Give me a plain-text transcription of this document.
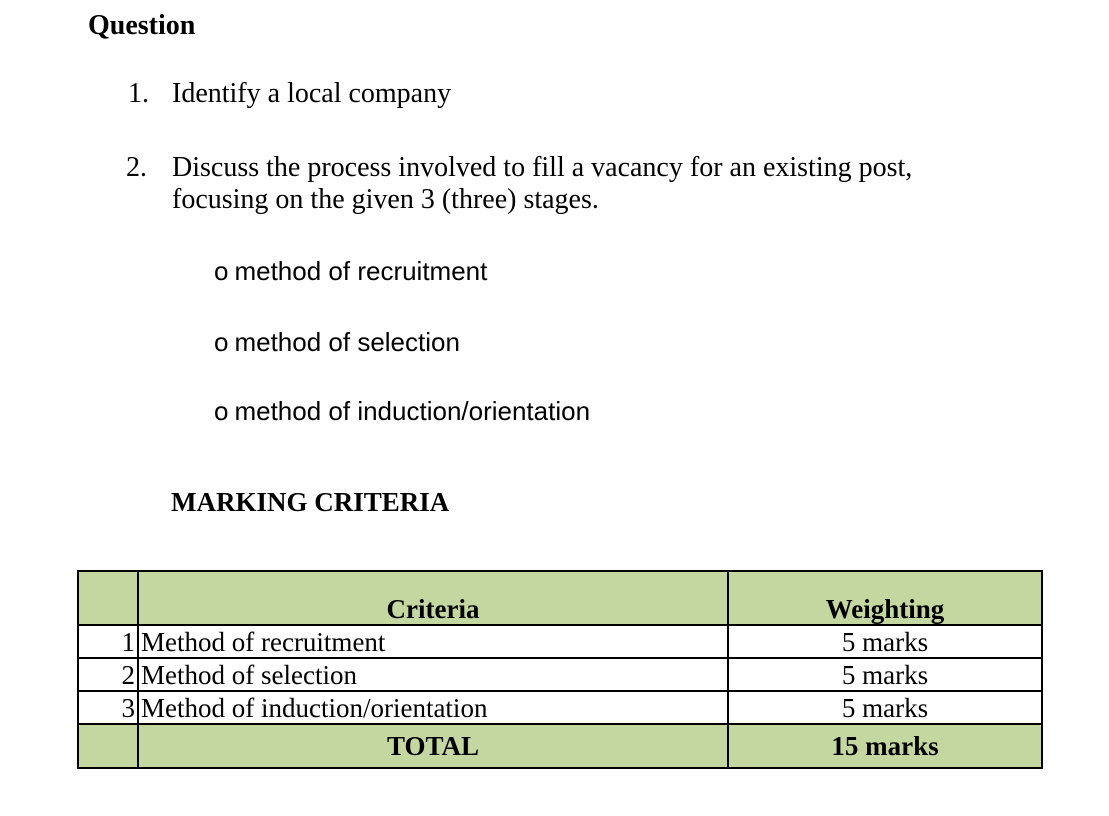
Question
1. Identify a local company
2. Discuss the process involved to fill a vacancy for an existing post,
focusing on the given 3 (three) stages.
o method of recruitment
o method of selection
o method of induction/orientation
MARKING CRITERIA
	Criteria	Weighting
1	Method of recruitment	5 marks
2	Method of selection	5 marks
3	Method of induction/orientation	5 marks
	TOTAL	15 marks
